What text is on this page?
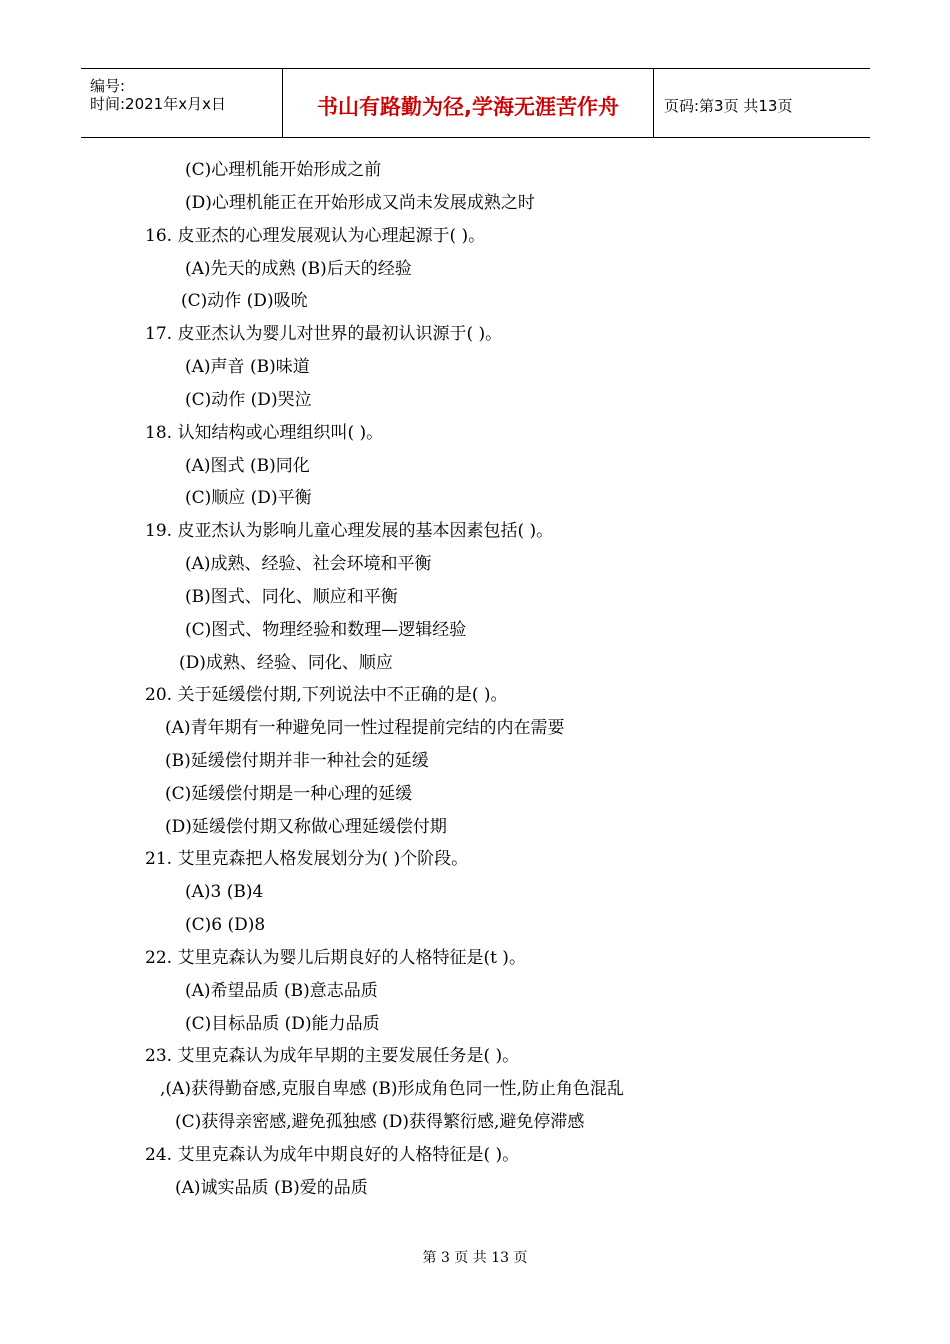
编号:
时间:2021年x月x日	书山有路勤为径,学海无涯苦作舟	页码:第3页 共13页
(C)心理机能开始形成之前
(D)心理机能正在开始形成又尚未发展成熟之时
16. 皮亚杰的心理发展观认为心理起源于( )。
(A)先天的成熟 (B)后天的经验
(C)动作 (D)吸吮
17. 皮亚杰认为婴儿对世界的最初认识源于( )。
(A)声音 (B)味道
(C)动作 (D)哭泣
18. 认知结构或心理组织叫( )。
(A)图式 (B)同化
(C)顺应 (D)平衡
19. 皮亚杰认为影响儿童心理发展的基本因素包括( )。
(A)成熟、经验、社会环境和平衡
(B)图式、同化、顺应和平衡
(C)图式、物理经验和数理—逻辑经验
(D)成熟、经验、同化、顺应
20. 关于延缓偿付期,下列说法中不正确的是( )。
(A)青年期有一种避免同一性过程提前完结的内在需要
(B)延缓偿付期并非一种社会的延缓
(C)延缓偿付期是一种心理的延缓
(D)延缓偿付期又称做心理延缓偿付期
21. 艾里克森把人格发展划分为( )个阶段。
(A)3 (B)4
(C)6 (D)8
22. 艾里克森认为婴儿后期良好的人格特征是(t )。
(A)希望品质 (B)意志品质
(C)目标品质 (D)能力品质
23. 艾里克森认为成年早期的主要发展任务是( )。
,(A)获得勤奋感,克服自卑感 (B)形成角色同一性,防止角色混乱
(C)获得亲密感,避免孤独感 (D)获得繁衍感,避免停滞感
24. 艾里克森认为成年中期良好的人格特征是( )。
(A)诚实品质 (B)爱的品质
第 3 页 共 13 页
